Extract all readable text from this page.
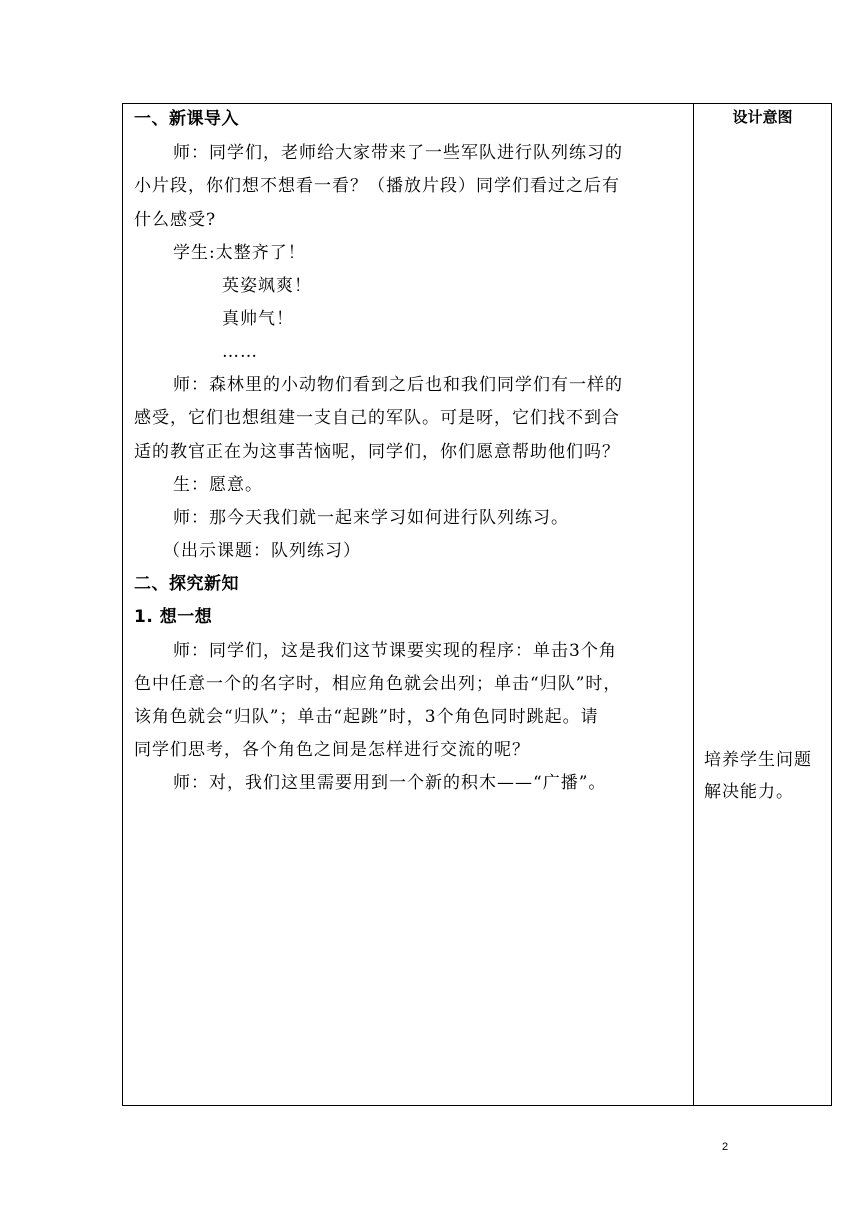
一、新课导入
师：同学们，老师给大家带来了一些军队进行队列练习的
小片段，你们想不想看一看？（播放片段）同学们看过之后有
什么感受?
学生:太整齐了！
英姿飒爽！
真帅气！
……
师：森林里的小动物们看到之后也和我们同学们有一样的
感受，它们也想组建一支自己的军队。可是呀，它们找不到合
适的教官正在为这事苦恼呢，同学们，你们愿意帮助他们吗？
生：愿意。
师：那今天我们就一起来学习如何进行队列练习。
（出示课题：队列练习）
二、探究新知
1. 想一想
师：同学们，这是我们这节课要实现的程序：单击3个角
色中任意一个的名字时，相应角色就会出列；单击“归队”时，
该角色就会“归队”；单击“起跳”时，3个角色同时跳起。请
同学们思考，各个角色之间是怎样进行交流的呢？
师：对，我们这里需要用到一个新的积木——“广播”。
设计意图
培养学生问题
解决能力。
2
